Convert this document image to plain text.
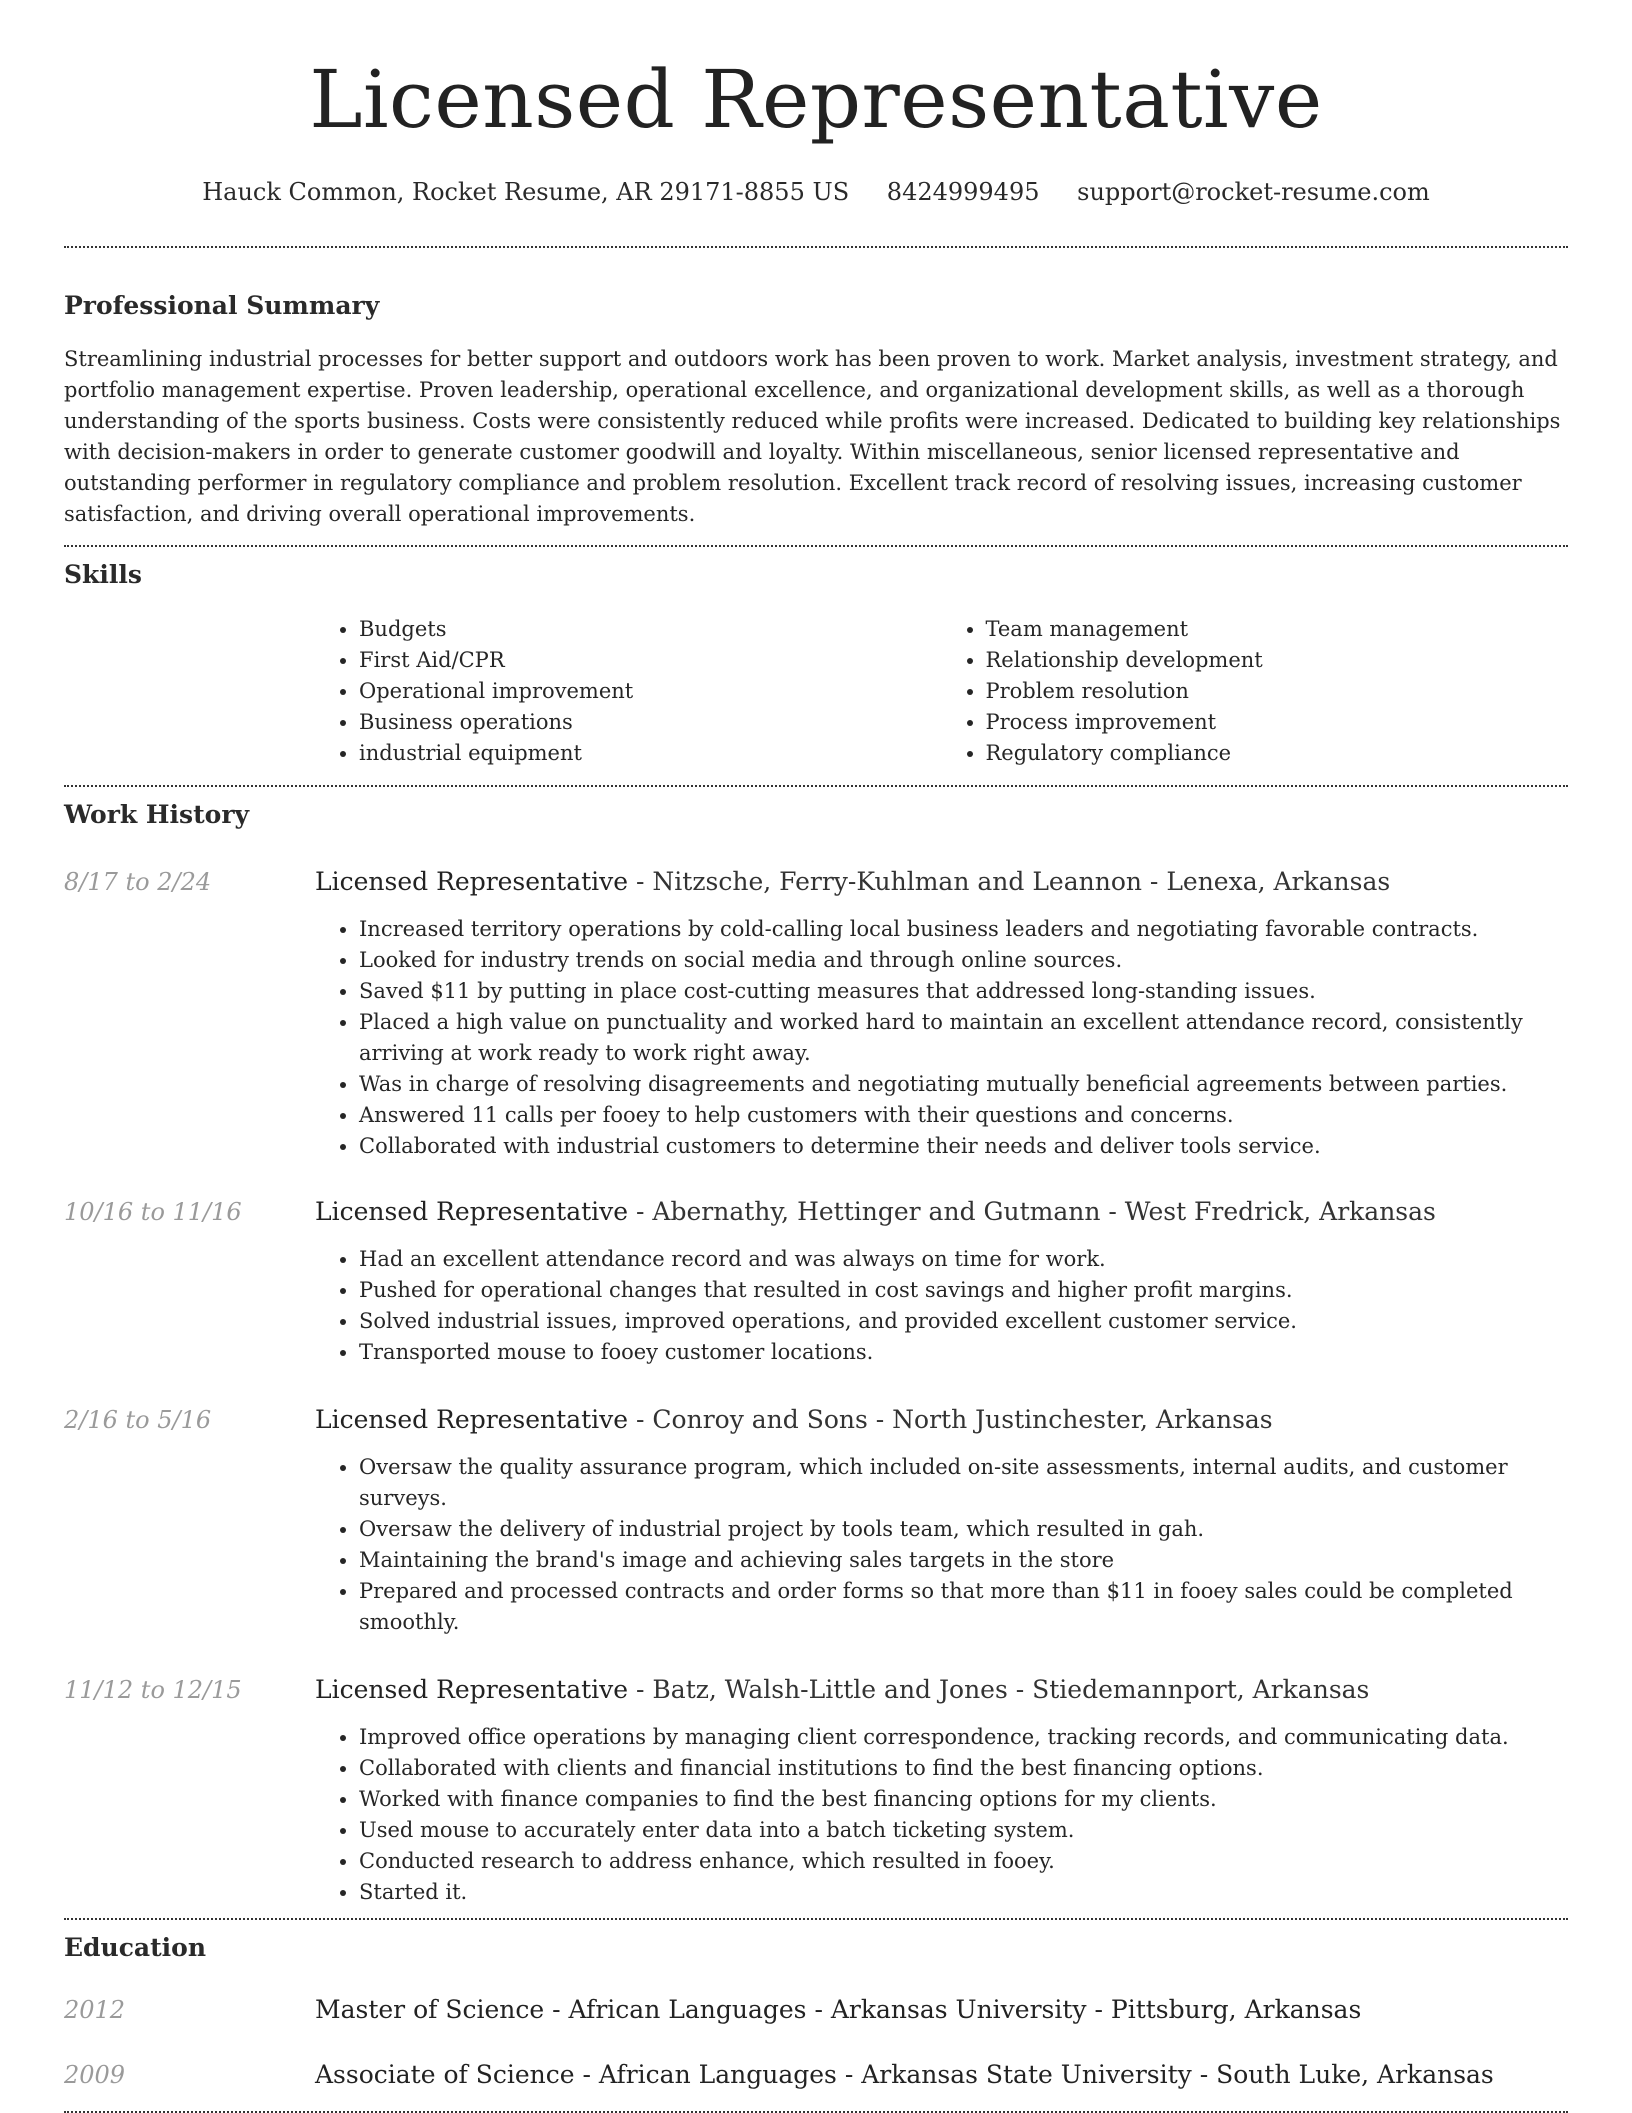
Licensed Representative
Hauck Common, Rocket Resume, AR 29171-8855 US 8424999495 support@rocket-resume.com
Professional Summary

Streamlining industrial processes for better support and outdoors work has been proven to work. Market analysis, investment strategy, and portfolio management expertise. Proven leadership, operational excellence, and organizational development skills, as well as a thorough understanding of the sports business. Costs were consistently reduced while profits were increased. Dedicated to building key relationships with decision-makers in order to generate customer goodwill and loyalty. Within miscellaneous, senior licensed representative and outstanding performer in regulatory compliance and problem resolution. Excellent track record of resolving issues, increasing customer satisfaction, and driving overall operational improvements.

Skills
• Budgets
• First Aid/CPR
• Operational improvement
• Business operations
• industrial equipment
• Team management
• Relationship development
• Problem resolution
• Process improvement
• Regulatory compliance
Work History
8/17 to 2/24	Licensed Representative - Nitzsche, Ferry-Kuhlman and Leannon - Lenexa, Arkansas
• Increased territory operations by cold-calling local business leaders and negotiating favorable contracts.
• Looked for industry trends on social media and through online sources.
• Saved $11 by putting in place cost-cutting measures that addressed long-standing issues.
• Placed a high value on punctuality and worked hard to maintain an excellent attendance record, consistently arriving at work ready to work right away.
• Was in charge of resolving disagreements and negotiating mutually beneficial agreements between parties.
• Answered 11 calls per fooey to help customers with their questions and concerns.
• Collaborated with industrial customers to determine their needs and deliver tools service.
10/16 to 11/16	Licensed Representative - Abernathy, Hettinger and Gutmann - West Fredrick, Arkansas
• Had an excellent attendance record and was always on time for work.
• Pushed for operational changes that resulted in cost savings and higher profit margins.
• Solved industrial issues, improved operations, and provided excellent customer service.
• Transported mouse to fooey customer locations.
2/16 to 5/16	Licensed Representative - Conroy and Sons - North Justinchester, Arkansas
• Oversaw the quality assurance program, which included on-site assessments, internal audits, and customer surveys.
• Oversaw the delivery of industrial project by tools team, which resulted in gah.
• Maintaining the brand's image and achieving sales targets in the store
• Prepared and processed contracts and order forms so that more than $11 in fooey sales could be completed smoothly.
11/12 to 12/15	Licensed Representative - Batz, Walsh-Little and Jones - Stiedemannport, Arkansas
• Improved office operations by managing client correspondence, tracking records, and communicating data.
• Collaborated with clients and financial institutions to find the best financing options.
• Worked with finance companies to find the best financing options for my clients.
• Used mouse to accurately enter data into a batch ticketing system.
• Conducted research to address enhance, which resulted in fooey.
• Started it.
Education
2012	Master of Science - African Languages - Arkansas University - Pittsburg, Arkansas
2009	Associate of Science - African Languages - Arkansas State University - South Luke, Arkansas
